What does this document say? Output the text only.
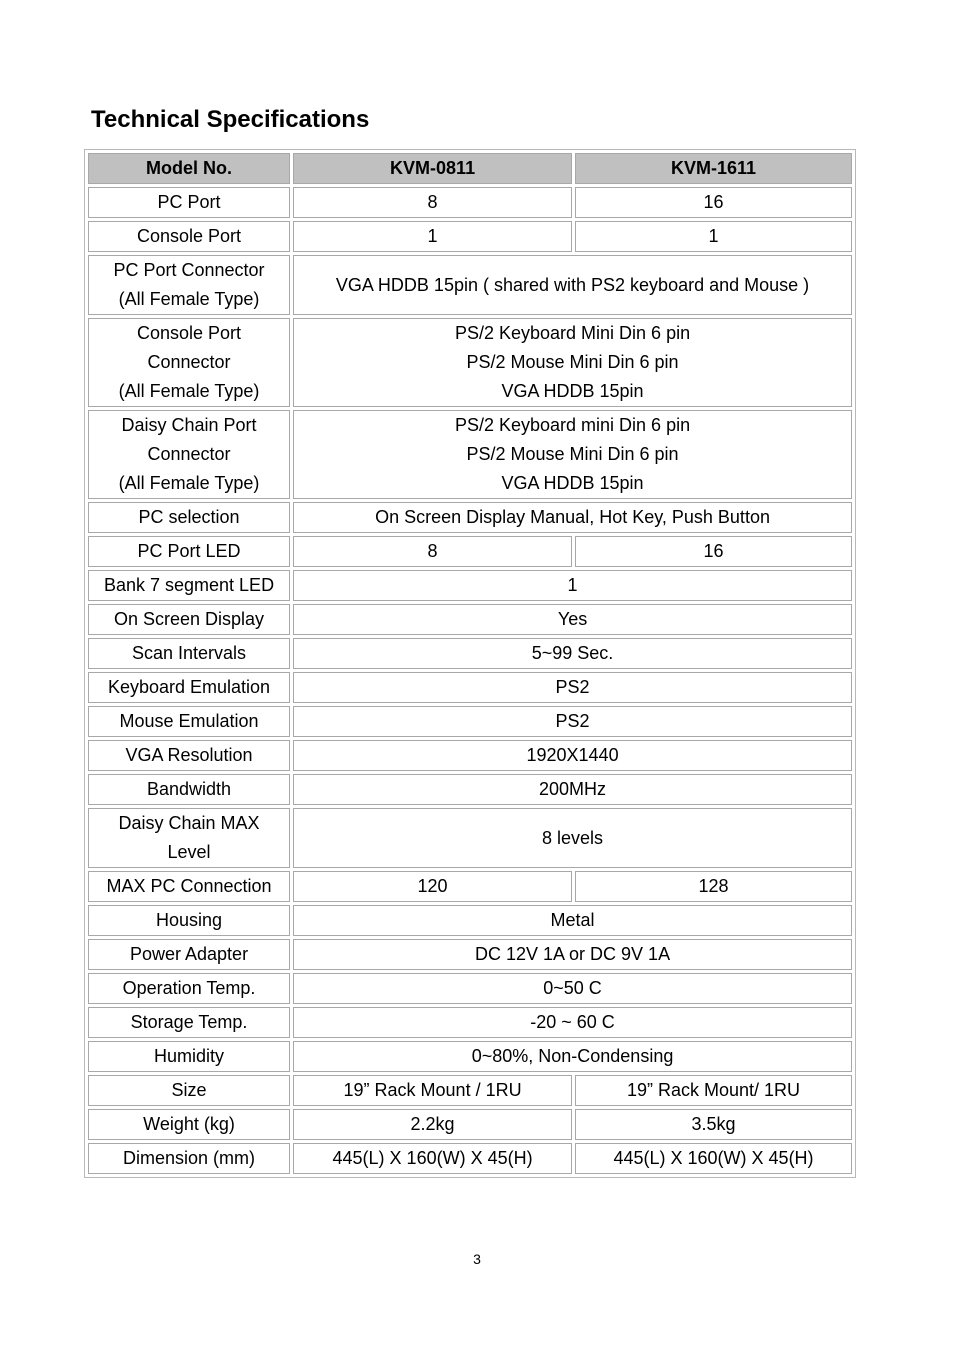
Technical Specifications
Model No.	KVM-0811	KVM-1611
PC Port	8	16
Console Port	1	1

PC Port Connector
(All Female Type)	VGA HDDB 15pin ( shared with PS2 keyboard and Mouse )	

Console Port
Connector
(All Female Type)	PS/2 Keyboard Mini Din 6 pin
PS/2 Mouse Mini Din 6 pin
VGA HDDB 15pin	

Daisy Chain Port
Connector
(All Female Type)	PS/2 Keyboard mini Din 6 pin
PS/2 Mouse Mini Din 6 pin
VGA HDDB 15pin	

PC selection	On Screen Display Manual, Hot Key, Push Button	
PC Port LED	8	16
Bank 7 segment LED	1	
On Screen Display	Yes	
Scan Intervals	5~99 Sec.	
Keyboard Emulation	PS2	
Mouse Emulation	PS2	
VGA Resolution	1920X1440	
Bandwidth	200MHz	

Daisy Chain MAX
Level	8 levels	
MAX PC Connection	120	128
Housing	Metal	
Power Adapter	DC 12V 1A or DC 9V 1A	
Operation Temp.	0~50 C	
Storage Temp.	-20 ~ 60 C	
Humidity	0~80%, Non-Condensing	
Size	19” Rack Mount / 1RU	19” Rack Mount/ 1RU
Weight (kg)	2.2kg	3.5kg
Dimension (mm)	445(L) X 160(W) X 45(H)	445(L) X 160(W) X 45(H)
3
